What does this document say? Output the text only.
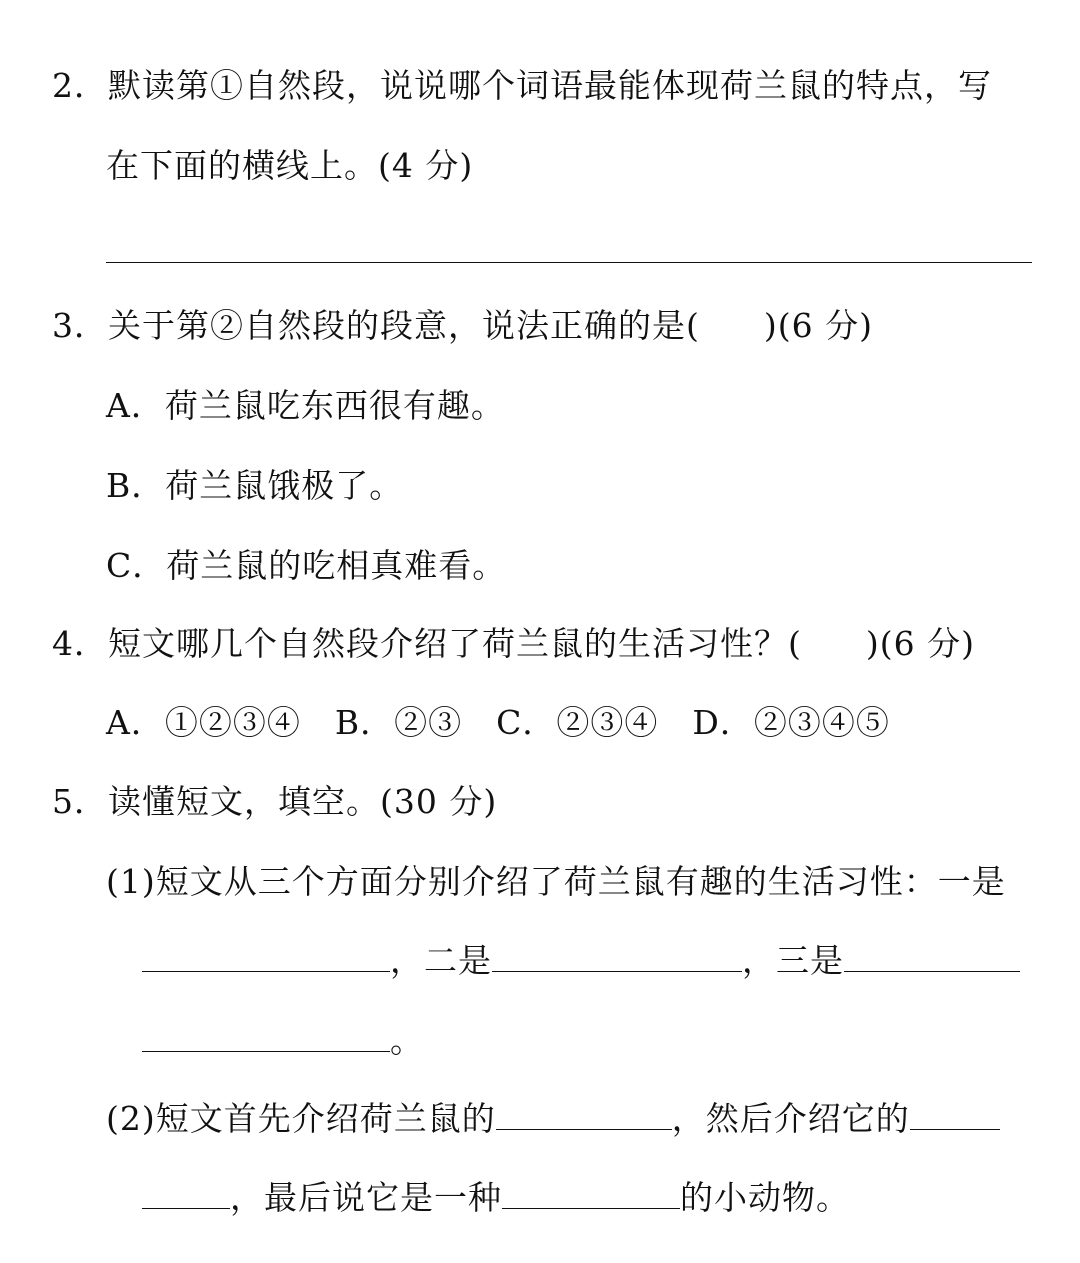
2．默读第①自然段，说说哪个词语最能体现荷兰鼠的特点，写
在下面的横线上。(4 分)
3．关于第②自然段的段意，说法正确的是( )(6 分)
A．荷兰鼠吃东西很有趣。
B．荷兰鼠饿极了。
C．荷兰鼠的吃相真难看。
4．短文哪几个自然段介绍了荷兰鼠的生活习性？( )(6 分)
A．①②③④ B．②③ C．②③④ D．②③④⑤
5．读懂短文，填空。(30 分)
(1)短文从三个方面分别介绍了荷兰鼠有趣的生活习性：一是
，二是	，三是
。
(2)短文首先介绍荷兰鼠的	，然后介绍它的
，最后说它是一种	的小动物。
